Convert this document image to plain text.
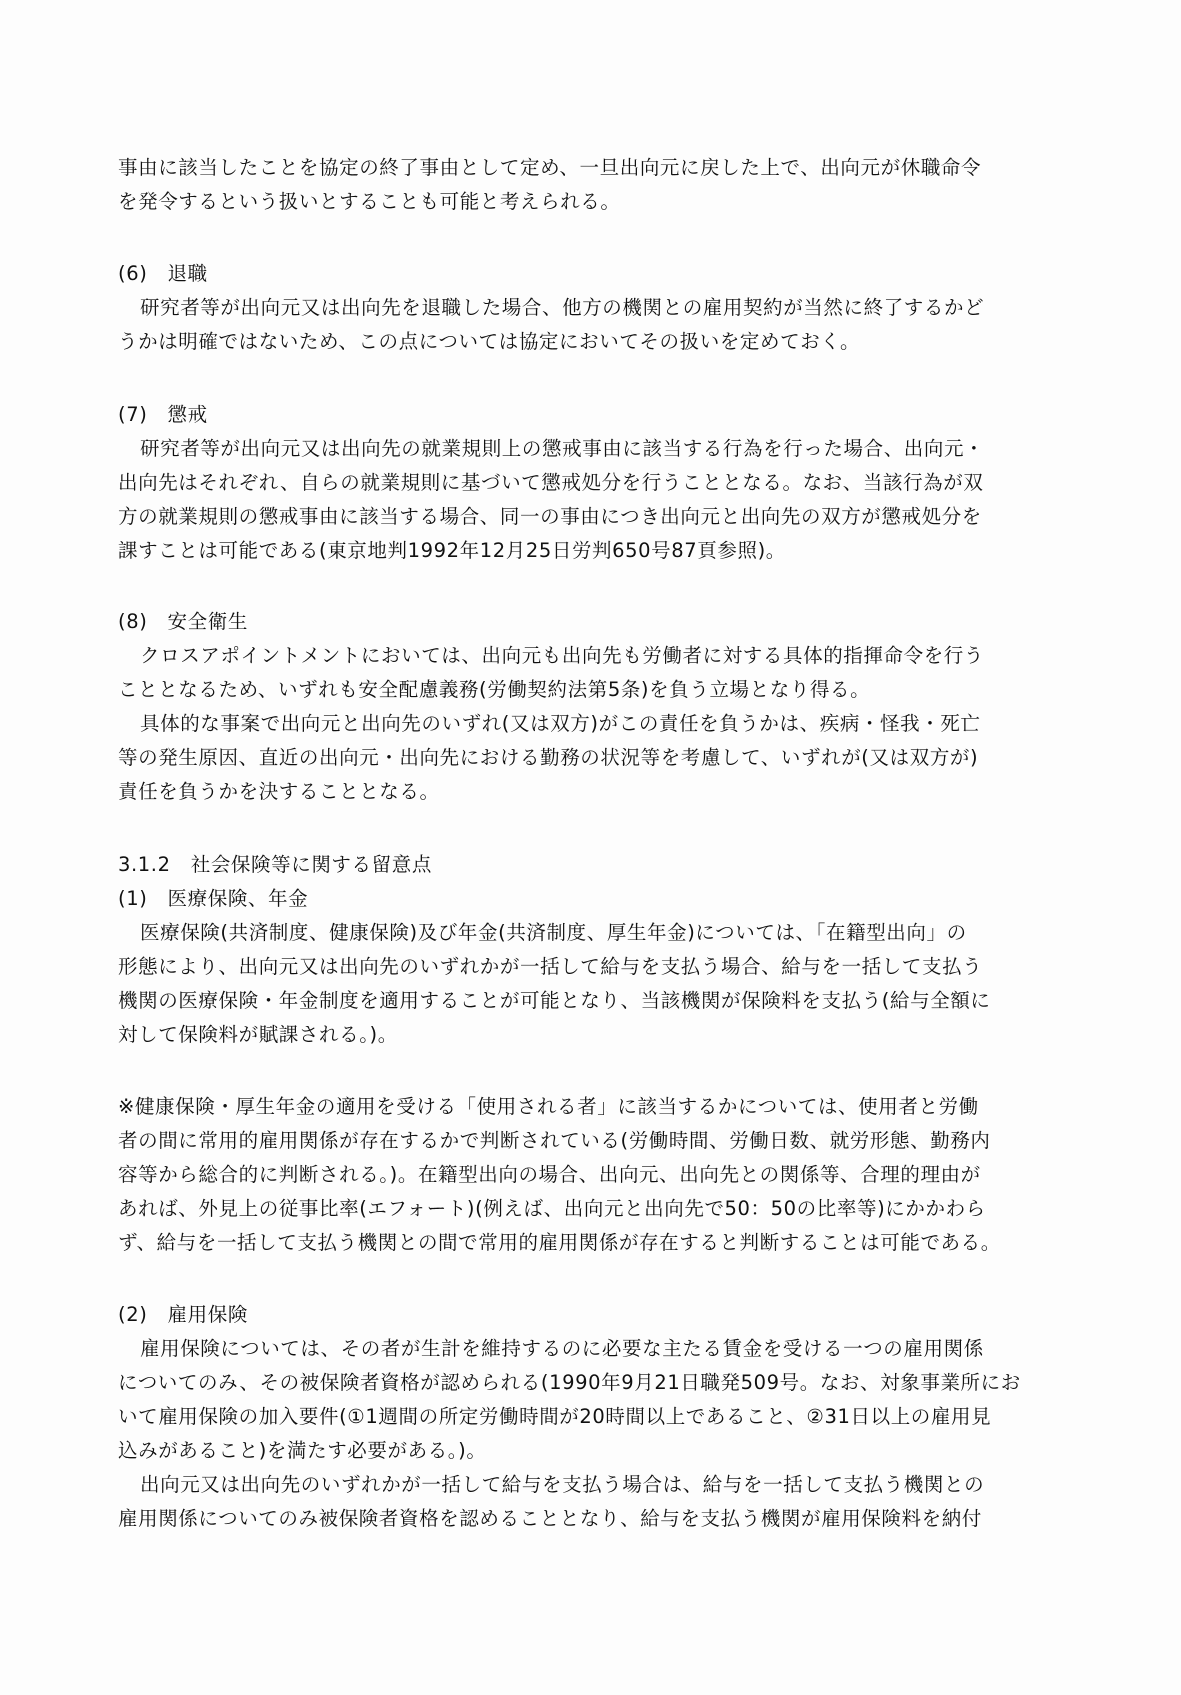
事由に該当したことを協定の終了事由として定め、一旦出向元に戻した上で、出向元が休職命令
を発令するという扱いとすることも可能と考えられる。
(6)　退職
研究者等が出向元又は出向先を退職した場合、他方の機関との雇用契約が当然に終了するかど
うかは明確ではないため、この点については協定においてその扱いを定めておく。
(7)　懲戒
研究者等が出向元又は出向先の就業規則上の懲戒事由に該当する行為を行った場合、出向元・
出向先はそれぞれ、自らの就業規則に基づいて懲戒処分を行うこととなる。なお、当該行為が双
方の就業規則の懲戒事由に該当する場合、同一の事由につき出向元と出向先の双方が懲戒処分を
課すことは可能である(東京地判1992年12月25日労判650号87頁参照)。
(8)　安全衛生
クロスアポイントメントにおいては、出向元も出向先も労働者に対する具体的指揮命令を行う
こととなるため、いずれも安全配慮義務(労働契約法第5条)を負う立場となり得る。
具体的な事案で出向元と出向先のいずれ(又は双方)がこの責任を負うかは、疾病・怪我・死亡
等の発生原因、直近の出向元・出向先における勤務の状況等を考慮して、いずれが(又は双方が)
責任を負うかを決することとなる。
3.1.2　社会保険等に関する留意点
(1)　医療保険、年金
医療保険(共済制度、健康保険)及び年金(共済制度、厚生年金)については、「在籍型出向」の
形態により、出向元又は出向先のいずれかが一括して給与を支払う場合、給与を一括して支払う
機関の医療保険・年金制度を適用することが可能となり、当該機関が保険料を支払う(給与全額に
対して保険料が賦課される。)。
※健康保険・厚生年金の適用を受ける「使用される者」に該当するかについては、使用者と労働
者の間に常用的雇用関係が存在するかで判断されている(労働時間、労働日数、就労形態、勤務内
容等から総合的に判断される。)。在籍型出向の場合、出向元、出向先との関係等、合理的理由が
あれば、外見上の従事比率(エフォート)(例えば、出向元と出向先で50：50の比率等)にかかわら
ず、給与を一括して支払う機関との間で常用的雇用関係が存在すると判断することは可能である。
(2)　雇用保険
雇用保険については、その者が生計を維持するのに必要な主たる賃金を受ける一つの雇用関係
についてのみ、その被保険者資格が認められる(1990年9月21日職発509号。なお、対象事業所にお
いて雇用保険の加入要件(①1週間の所定労働時間が20時間以上であること、②31日以上の雇用見
込みがあること)を満たす必要がある。)。
出向元又は出向先のいずれかが一括して給与を支払う場合は、給与を一括して支払う機関との
雇用関係についてのみ被保険者資格を認めることとなり、給与を支払う機関が雇用保険料を納付
